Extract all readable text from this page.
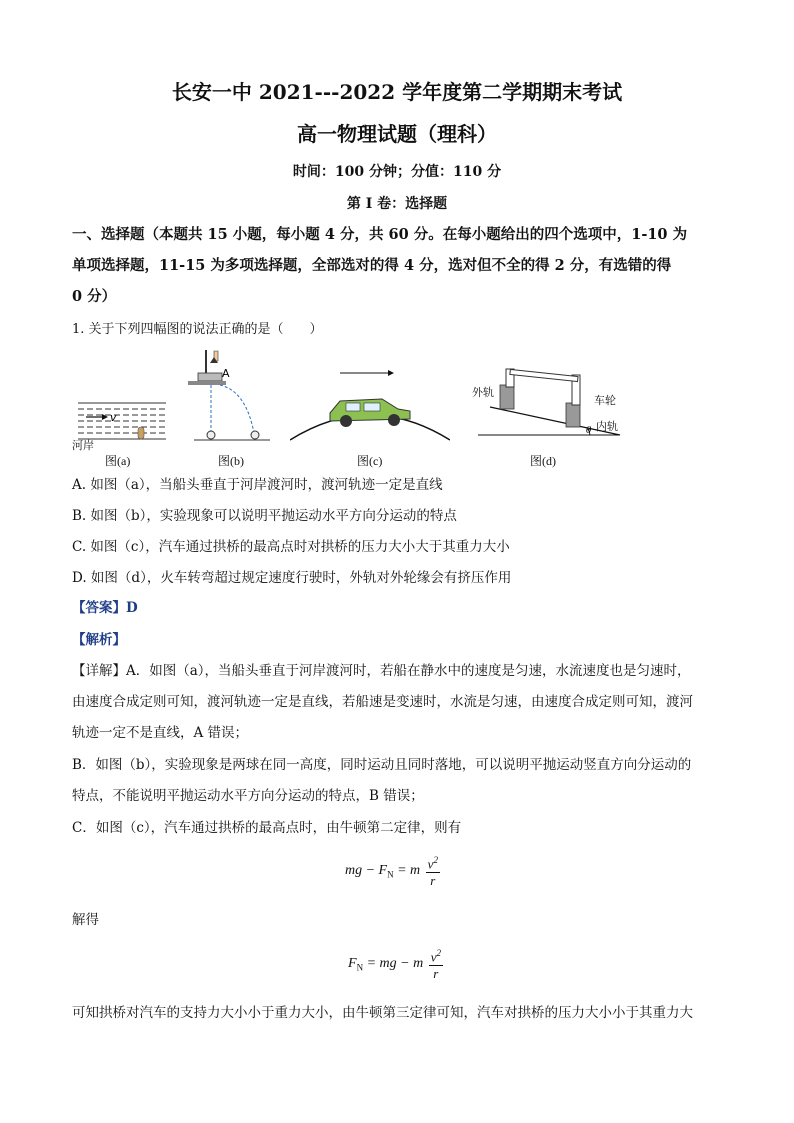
长安一中 2021---2022 学年度第二学期期末考试
高一物理试题（理科）
时间：100 分钟；分值：110 分
第 I 卷：选择题
一、选择题（本题共 15 小题，每小题 4 分，共 60 分。在每小题给出的四个选项中，1-10 为
单项选择题，11-15 为多项选择题，全部选对的得 4 分，选对但不全的得 2 分，有选错的得
0 分）
1. 关于下列四幅图的说法正确的是（　　）
v
河岸
图(a)
A
图(b)	图(c)
θ
外轨
车轮
内轨
图(d)
A. 如图（a），当船头垂直于河岸渡河时，渡河轨迹一定是直线
B. 如图（b），实验现象可以说明平抛运动水平方向分运动的特点
C. 如图（c），汽车通过拱桥的最高点时对拱桥的压力大小大于其重力大小
D. 如图（d），火车转弯超过规定速度行驶时，外轨对外轮缘会有挤压作用
【答案】D
【解析】
【详解】A．如图（a），当船头垂直于河岸渡河时，若船在静水中的速度是匀速，水流速度也是匀速时，
由速度合成定则可知，渡河轨迹一定是直线，若船速是变速时，水流是匀速，由速度合成定则可知，渡河
轨迹一定不是直线，A 错误；
B．如图（b），实验现象是两球在同一高度，同时运动且同时落地，可以说明平抛运动竖直方向分运动的
特点，不能说明平抛运动水平方向分运动的特点，B 错误；
C．如图（c），汽车通过拱桥的最高点时，由牛顿第二定律，则有
mg − $F_N = m \frac{v^2}{r}$
解得
$F_N$ = mg − m $\frac{v^2}{r}$
可知拱桥对汽车的支持力大小小于重力大小，由牛顿第三定律可知，汽车对拱桥的压力大小小于其重力大
